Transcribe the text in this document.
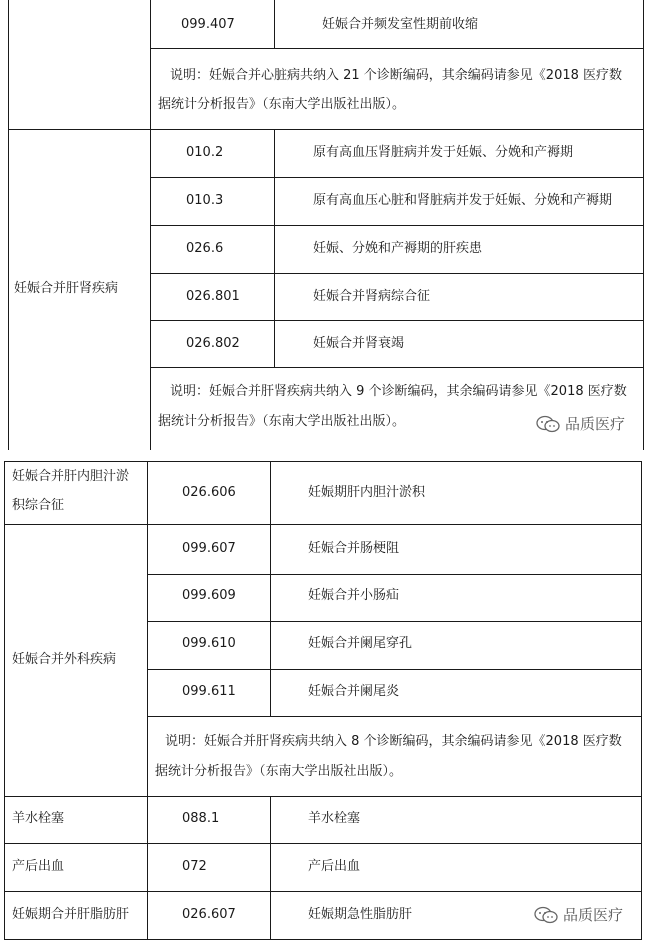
099.407	妊娠合并频发室性期前收缩
说明：妊娠合并心脏病共纳入 21 个诊断编码，其余编码请参见《2018 医疗数
据统计分析报告》（东南大学出版社出版）。
妊娠合并肝肾疾病
010.2	原有高血压肾脏病并发于妊娠、分娩和产褥期
010.3	原有高血压心脏和肾脏病并发于妊娠、分娩和产褥期
026.6	妊娠、分娩和产褥期的肝疾患
026.801	妊娠合并肾病综合征
026.802	妊娠合并肾衰竭
说明：妊娠合并肝肾疾病共纳入 9 个诊断编码，其余编码请参见《2018 医疗数
据统计分析报告》（东南大学出版社出版）。	品质医疗
妊娠合并肝内胆汁淤
积综合征
026.606	妊娠期肝内胆汁淤积
妊娠合并外科疾病
099.607	妊娠合并肠梗阻
099.609	妊娠合并小肠疝
099.610	妊娠合并阑尾穿孔
099.611	妊娠合并阑尾炎
说明：妊娠合并肝肾疾病共纳入 8 个诊断编码，其余编码请参见《2018 医疗数
据统计分析报告》（东南大学出版社出版）。
羊水栓塞	088.1	羊水栓塞
产后出血	072	产后出血
妊娠期合并肝脂肪肝	026.607	妊娠期急性脂肪肝	品质医疗
